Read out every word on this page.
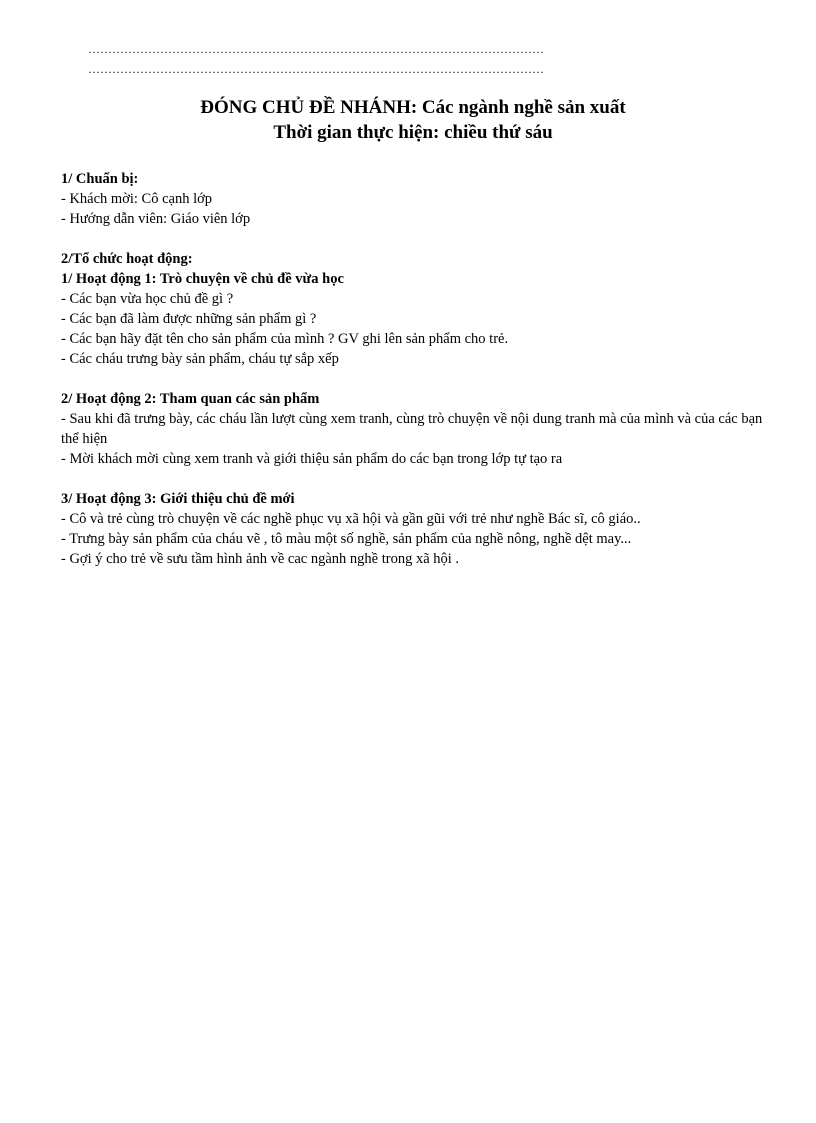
……………………………………………………………………………………………………
……………………………………………………………………………………………………
ĐÓNG CHỦ ĐỀ NHÁNH: Các ngành nghề sản xuất
Thời gian thực hiện: chiều thứ sáu
1/ Chuẩn bị:
- Khách mời: Cô cạnh lớp
- Hướng dẫn viên: Giáo viên lớp
2/Tổ chức hoạt động:
1/ Hoạt động 1: Trò chuyện về chủ đề vừa học
- Các bạn vừa học chủ đề gì ?
- Các bạn đã làm được những sản phẩm gì ?
- Các bạn hãy đặt tên cho sản phẩm của mình ? GV ghi lên sản phẩm cho trẻ.
- Các cháu trưng bày sản phẩm, cháu tự sắp xếp
2/ Hoạt động 2: Tham quan các sản phẩm
- Sau khi đã trưng bày, các cháu lần lượt cùng xem tranh, cùng trò chuyện về nội dung tranh mà của mình và của các bạn thể hiện
- Mời khách mời cùng xem tranh và giới thiệu sản phẩm do các bạn trong lớp tự tạo ra
3/ Hoạt động 3: Giới thiệu chủ đề mới
- Cô và trẻ cùng trò chuyện về các nghề phục vụ xã hội và gần gũi với trẻ như nghề Bác sĩ, cô giáo..
- Trưng bày sản phẩm của cháu vẽ , tô màu một số nghề, sản phẩm của nghề nông, nghề dệt may...
- Gợi ý cho trẻ về sưu tầm hình ảnh về cac ngành nghề trong xã hội .
